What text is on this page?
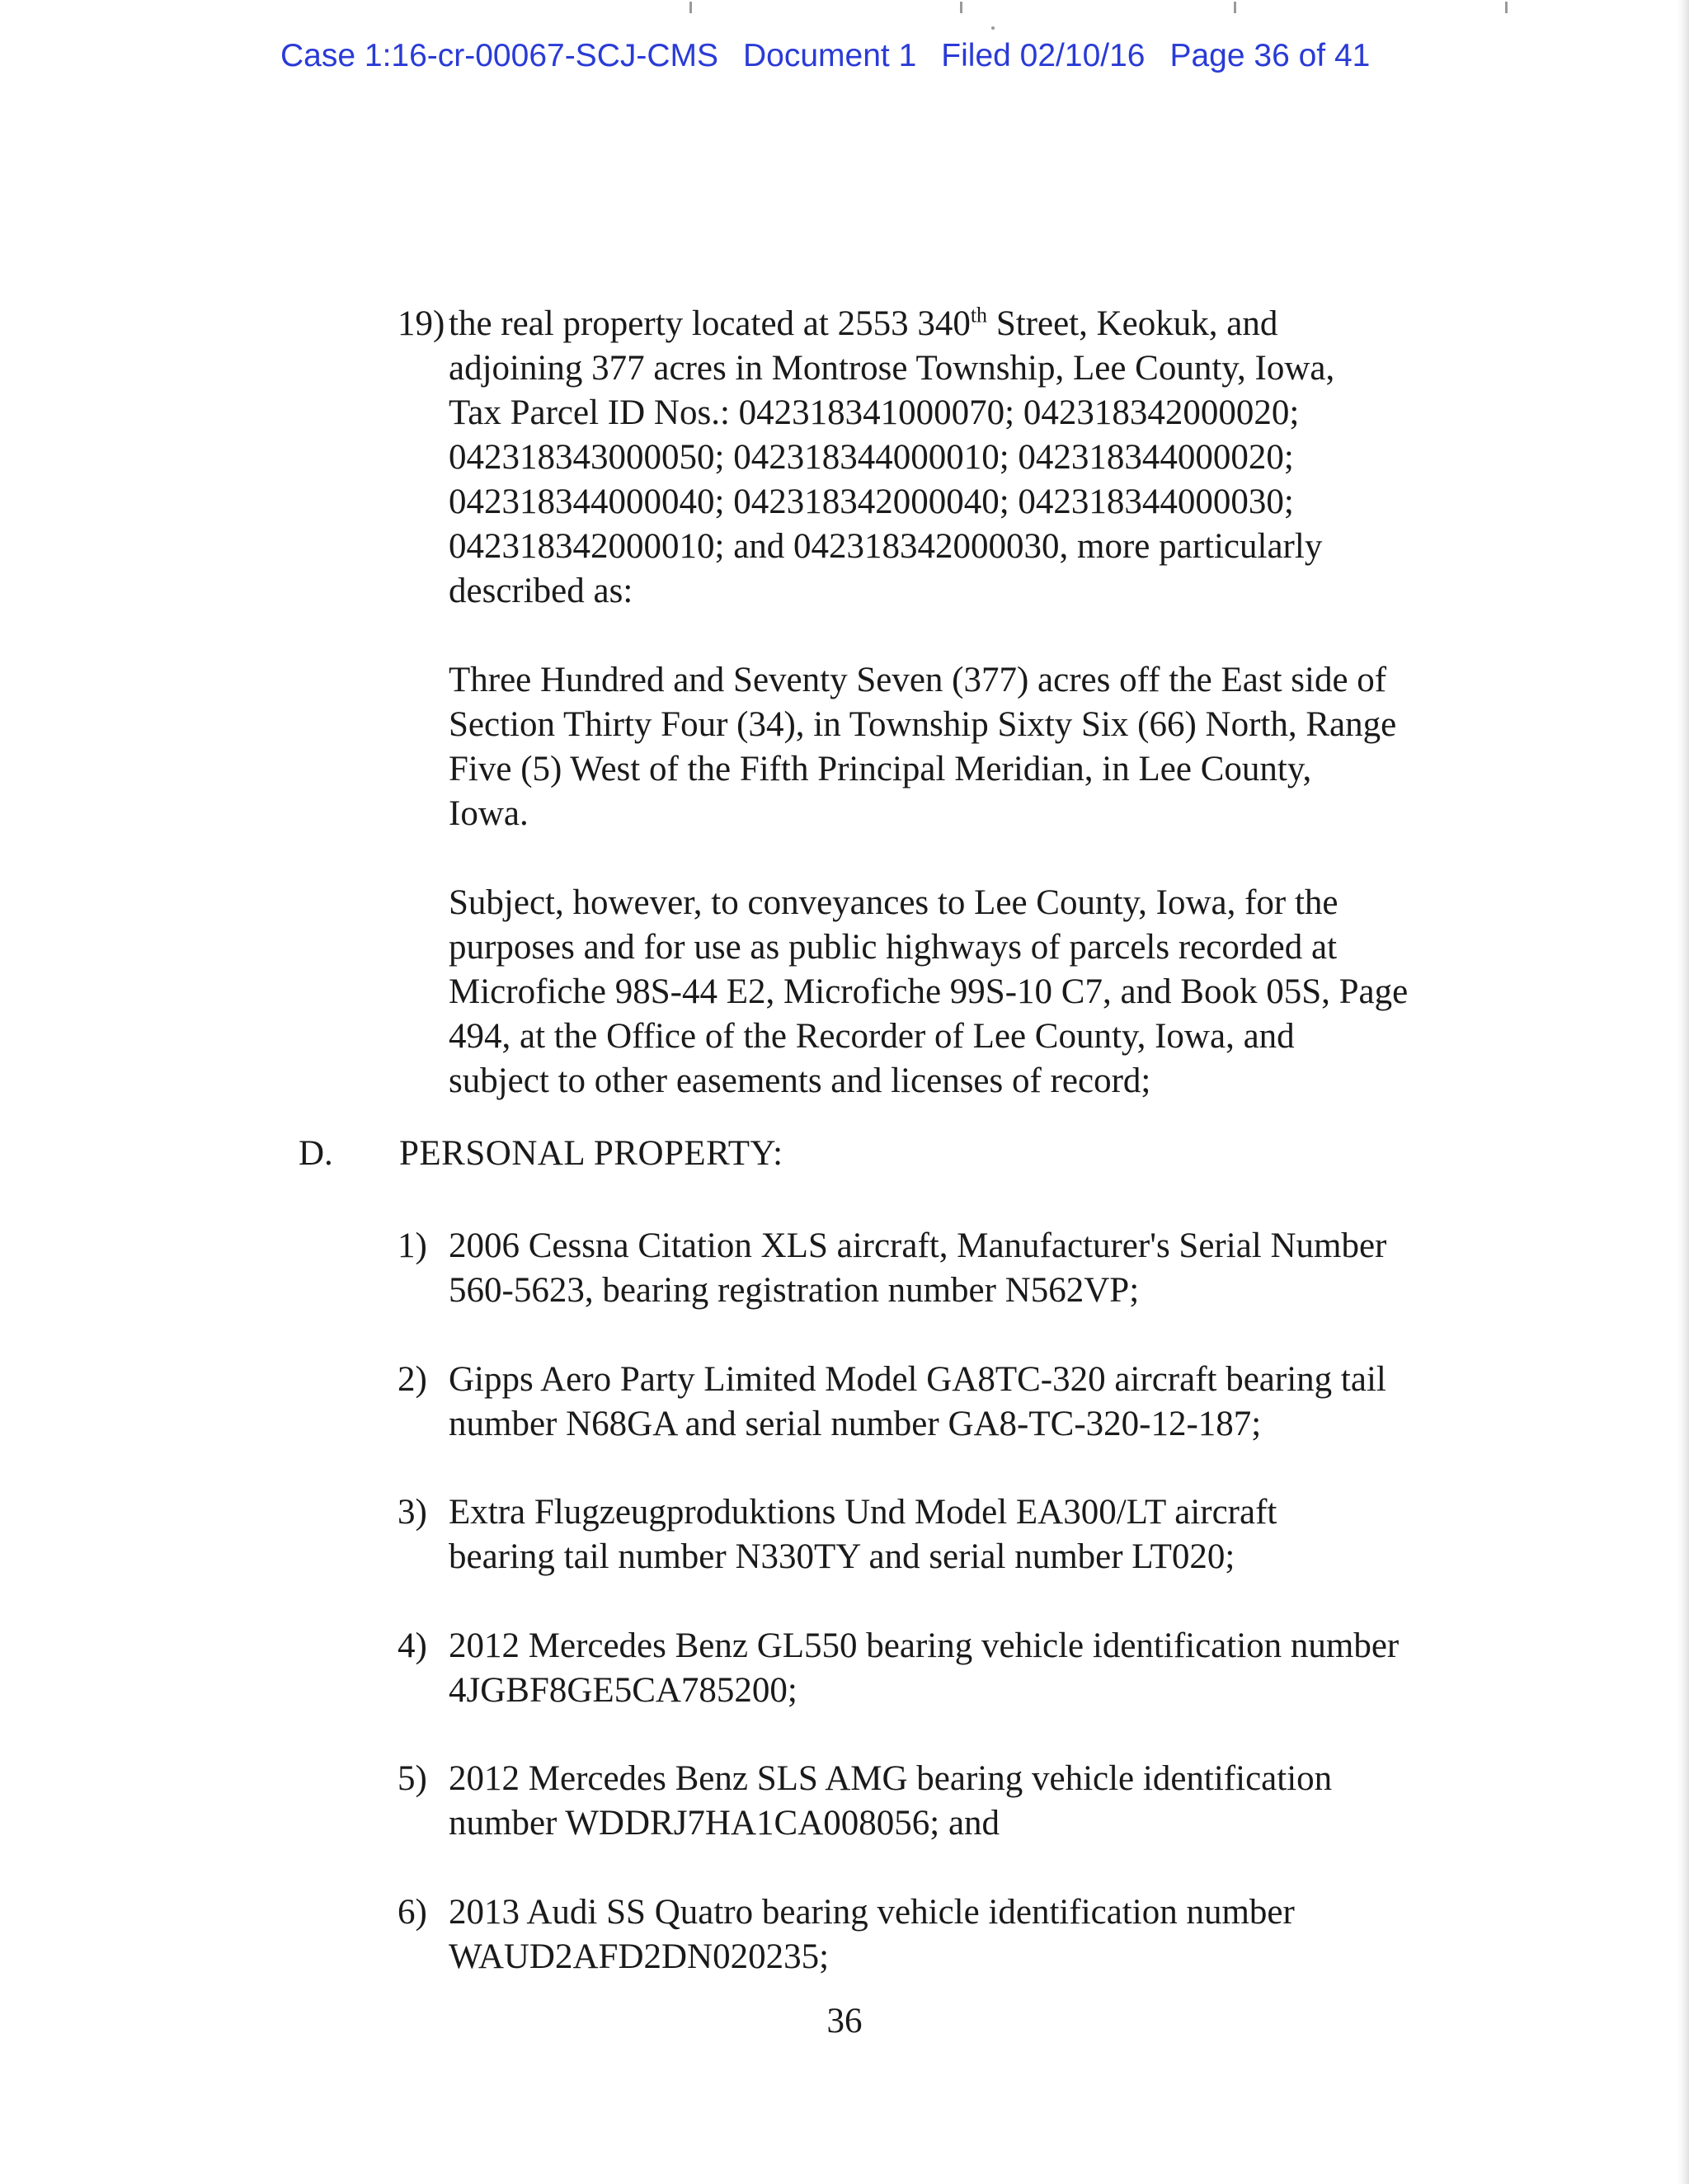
Case 1:16-cr-00067-SCJ-CMS Document 1 Filed 02/10/16 Page 36 of 41
19) the real property located at 2553 340th Street, Keokuk, and
adjoining 377 acres in Montrose Township, Lee County, Iowa,
Tax Parcel ID Nos.: 042318341000070; 042318342000020;
042318343000050; 042318344000010; 042318344000020;
042318344000040; 042318342000040; 042318344000030;
042318342000010; and 042318342000030, more particularly
described as:
Three Hundred and Seventy Seven (377) acres off the East side of
Section Thirty Four (34), in Township Sixty Six (66) North, Range
Five (5) West of the Fifth Principal Meridian, in Lee County,
Iowa.
Subject, however, to conveyances to Lee County, Iowa, for the
purposes and for use as public highways of parcels recorded at
Microfiche 98S-44 E2, Microfiche 99S-10 C7, and Book 05S, Page
494, at the Office of the Recorder of Lee County, Iowa, and
subject to other easements and licenses of record;
D. PERSONAL PROPERTY:
1) 2006 Cessna Citation XLS aircraft, Manufacturer's Serial Number
560-5623, bearing registration number N562VP;
2) Gipps Aero Party Limited Model GA8TC-320 aircraft bearing tail
number N68GA and serial number GA8-TC-320-12-187;
3) Extra Flugzeugproduktions Und Model EA300/LT aircraft
bearing tail number N330TY and serial number LT020;
4) 2012 Mercedes Benz GL550 bearing vehicle identification number
4JGBF8GE5CA785200;
5) 2012 Mercedes Benz SLS AMG bearing vehicle identification
number WDDRJ7HA1CA008056; and
6) 2013 Audi SS Quatro bearing vehicle identification number
WAUD2AFD2DN020235;
36
